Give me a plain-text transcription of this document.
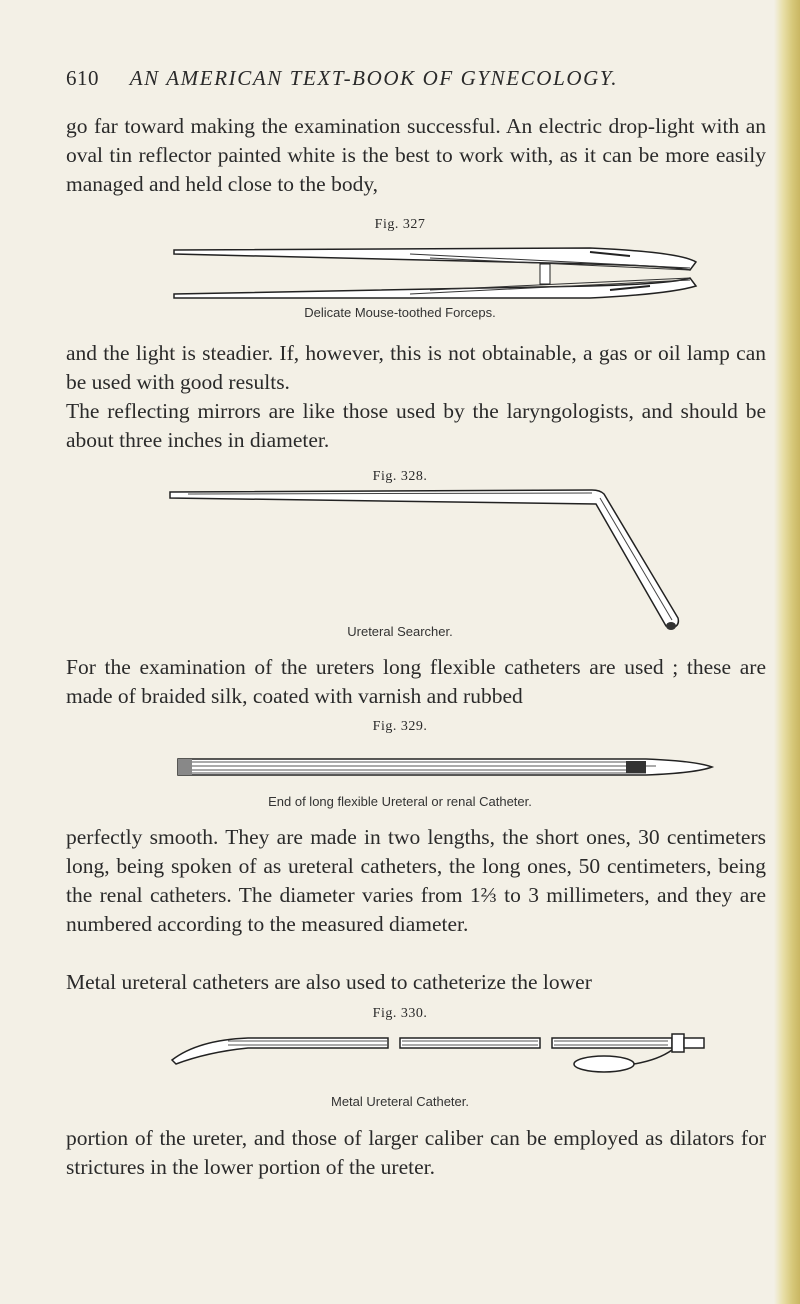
610 AN AMERICAN TEXT-BOOK OF GYNECOLOGY.

go far toward making the examination successful. An electric drop-light with an oval tin reflector painted white is the best to work with, as it can be more easily managed and held close to the body,

Fig. 327
Delicate Mouse-toothed Forceps.

and the light is steadier. If, however, this is not obtainable, a gas or oil lamp can be used with good results.

The reflecting mirrors are like those used by the laryngologists, and should be about three inches in diameter.

Fig. 328.
Ureteral Searcher.

For the examination of the ureters long flexible catheters are used ; these are made of braided silk, coated with varnish and rubbed

Fig. 329.
End of long flexible Ureteral or renal Catheter.

perfectly smooth. They are made in two lengths, the short ones, 30 centimeters long, being spoken of as ureteral catheters, the long ones, 50 centimeters, being the renal catheters. The diameter varies from 1⅔ to 3 millimeters, and they are numbered according to the measured diameter.

Metal ureteral catheters are also used to catheterize the lower

Fig. 330.
Metal Ureteral Catheter.

portion of the ureter, and those of larger caliber can be employed as dilators for strictures in the lower portion of the ureter.
